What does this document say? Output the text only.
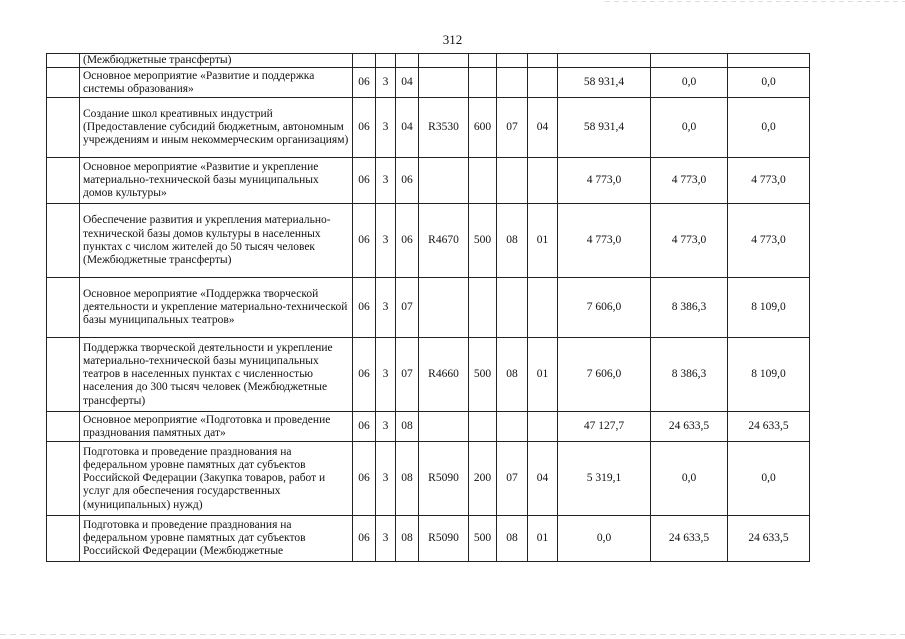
312
	(Межбюджетные трансферты)										
	Основное мероприятие «Развитие и поддержка системы образования»	06	3	04					58 931,4	0,0	0,0
	Создание школ креативных индустрий (Предоставление субсидий бюджетным, автономным учреждениям и иным некоммерческим организациям)	06	3	04	R3530	600	07	04	58 931,4	0,0	0,0
	Основное мероприятие «Развитие и укрепление материально-технической базы муниципальных домов культуры»	06	3	06					4 773,0	4 773,0	4 773,0
	Обеспечение развития и укрепления материально-технической базы домов культуры в населенных пунктах с числом жителей до 50 тысяч человек (Межбюджетные трансферты)	06	3	06	R4670	500	08	01	4 773,0	4 773,0	4 773,0
	Основное мероприятие «Поддержка творческой деятельности и укрепление материально-технической базы муниципальных театров»	06	3	07					7 606,0	8 386,3	8 109,0
	Поддержка творческой деятельности и укрепление материально-технической базы муниципальных театров в населенных пунктах с численностью населения до 300 тысяч человек (Межбюджетные трансферты)	06	3	07	R4660	500	08	01	7 606,0	8 386,3	8 109,0
	Основное мероприятие «Подготовка и проведение празднования памятных дат»	06	3	08					47 127,7	24 633,5	24 633,5
	Подготовка и проведение празднования на федеральном уровне памятных дат субъектов Российской Федерации (Закупка товаров, работ и услуг для обеспечения государственных (муниципальных) нужд)	06	3	08	R5090	200	07	04	5 319,1	0,0	0,0
	Подготовка и проведение празднования на федеральном уровне памятных дат субъектов Российской Федерации (Межбюджетные	06	3	08	R5090	500	08	01	0,0	24 633,5	24 633,5
